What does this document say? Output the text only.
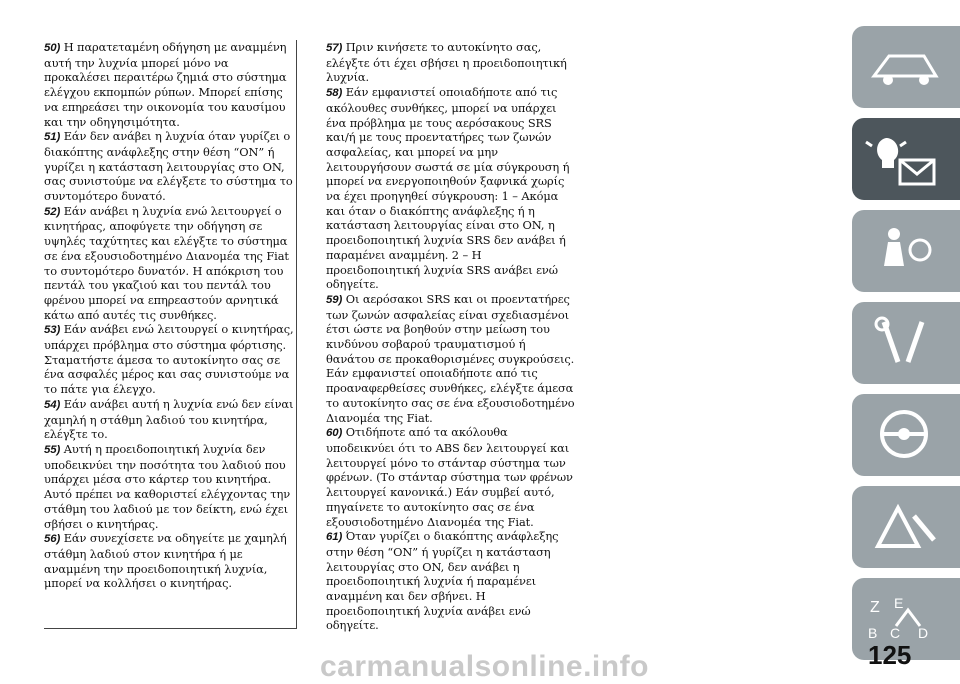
50) Η παρατεταμένη οδήγηση με αναμμένη αυτή την λυχνία μπορεί μόνο να προκαλέσει περαιτέρω ζημιά στο σύστημα ελέγχου εκπομπών ρύπων. Μπορεί επίσης να επηρεάσει την οικονομία του καυσίμου και την οδηγησιμότητα.

51) Εάν δεν ανάβει η λυχνία όταν γυρίζει ο διακόπτης ανάφλεξης στην θέση “ON” ή γυρίζει η κατάσταση λειτουργίας στο ON, σας συνιστούμε να ελέγξετε το σύστημα το συντομότερο δυνατό.

52) Εάν ανάβει η λυχνία ενώ λειτουργεί ο κινητήρας, αποφύγετε την οδήγηση σε υψηλές ταχύτητες και ελέγξτε το σύστημα σε ένα εξουσιοδοτημένο Διανομέα της Fiat το συντομότερο δυνατόν. Η απόκριση του πεντάλ του γκαζιού και του πεντάλ του φρένου μπορεί να επηρεαστούν αρνητικά κάτω από αυτές τις συνθήκες.

53) Εάν ανάβει ενώ λειτουργεί ο κινητήρας, υπάρχει πρόβλημα στο σύστημα φόρτισης. Σταματήστε άμεσα το αυτοκίνητο σας σε ένα ασφαλές μέρος και σας συνιστούμε να το πάτε για έλεγχο.

54) Εάν ανάβει αυτή η λυχνία ενώ δεν είναι χαμηλή η στάθμη λαδιού του κινητήρα, ελέγξτε το.

55) Αυτή η προειδοποιητική λυχνία δεν υποδεικνύει την ποσότητα του λαδιού που υπάρχει μέσα στο κάρτερ του κινητήρα. Αυτό πρέπει να καθοριστεί ελέγχοντας την στάθμη του λαδιού με τον δείκτη, ενώ έχει σβήσει ο κινητήρας.

56) Εάν συνεχίσετε να οδηγείτε με χαμηλή στάθμη λαδιού στον κινητήρα ή με αναμμένη την προειδοποιητική λυχνία, μπορεί να κολλήσει ο κινητήρας.

57) Πριν κινήσετε το αυτοκίνητο σας, ελέγξτε ότι έχει σβήσει η προειδοποιητική λυχνία.

58) Εάν εμφανιστεί οποιαδήποτε από τις ακόλουθες συνθήκες, μπορεί να υπάρχει ένα πρόβλημα με τους αερόσακους SRS και/ή με τους προεντατήρες των ζωνών ασφαλείας, και μπορεί να μην λειτουργήσουν σωστά σε μία σύγκρουση ή μπορεί να ενεργοποιηθούν ξαφνικά χωρίς να έχει προηγηθεί σύγκρουση: 1 – Ακόμα και όταν ο διακόπτης ανάφλεξης ή η κατάσταση λειτουργίας είναι στο ON, η προειδοποιητική λυχνία SRS δεν ανάβει ή παραμένει αναμμένη. 2 – Η προειδοποιητική λυχνία SRS ανάβει ενώ οδηγείτε.

59) Οι αερόσακοι SRS και οι προεντατήρες των ζωνών ασφαλείας είναι σχεδιασμένοι έτσι ώστε να βοηθούν στην μείωση του κινδύνου σοβαρού τραυματισμού ή θανάτου σε προκαθορισμένες συγκρούσεις. Εάν εμφανιστεί οποιαδήποτε από τις προαναφερθείσες συνθήκες, ελέγξτε άμεσα το αυτοκίνητο σας σε ένα εξουσιοδοτημένο Διανομέα της Fiat.

60) Οτιδήποτε από τα ακόλουθα υποδεικνύει ότι το ABS δεν λειτουργεί και λειτουργεί μόνο το στάνταρ σύστημα των φρένων. (Το στάνταρ σύστημα των φρένων λειτουργεί κανονικά.) Εάν συμβεί αυτό, πηγαίνετε το αυτοκίνητο σας σε ένα εξουσιοδοτημένο Διανομέα της Fiat.

61) Όταν γυρίζει ο διακόπτης ανάφλεξης στην θέση “ON” ή γυρίζει η κατάσταση λειτουργίας στο ON, δεν ανάβει η προειδοποιητική λυχνία ή παραμένει αναμμένη και δεν σβήνει. Η προειδοποιητική λυχνία ανάβει ενώ οδηγείτε.

Z E
B C D
125
carmanualsonline.info
